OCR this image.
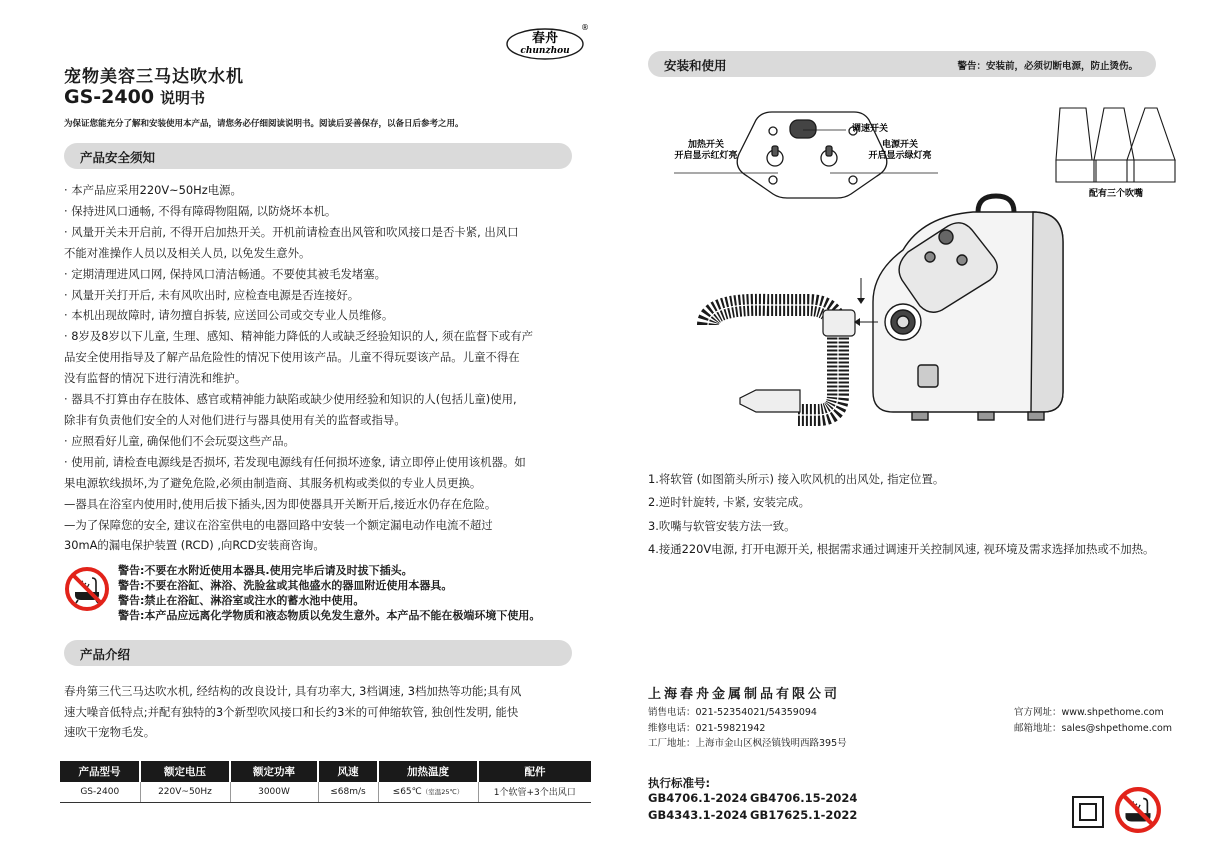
春舟
chunzhou
®
宠物美容三马达吹水机
GS-2400 说明书
为保证您能充分了解和安装使用本产品，请您务必仔细阅读说明书。阅读后妥善保存，以备日后参考之用。
产品安全须知
· 本产品应采用220V~50Hz电源。
· 保持进风口通畅, 不得有障碍物阻隔, 以防烧坏本机。
· 风量开关未开启前, 不得开启加热开关。开机前请检查出风管和吹风接口是否卡紧, 出风口
不能对准操作人员以及相关人员, 以免发生意外。
· 定期清理进风口网, 保持风口清洁畅通。不要使其被毛发堵塞。
· 风量开关打开后, 未有风吹出时, 应检查电源是否连接好。
· 本机出现故障时, 请勿擅自拆装, 应送回公司或交专业人员维修。
· 8岁及8岁以下儿童, 生理、感知、精神能力降低的人或缺乏经验知识的人, 须在监督下或有产
品安全使用指导及了解产品危险性的情况下使用该产品。儿童不得玩耍该产品。儿童不得在
没有监督的情况下进行清洗和维护。
· 器具不打算由存在肢体、感官或精神能力缺陷或缺少使用经验和知识的人(包括儿童)使用,
除非有负责他们安全的人对他们进行与器具使用有关的监督或指导。
· 应照看好儿童, 确保他们不会玩耍这些产品。
· 使用前, 请检查电源线是否损坏, 若发现电源线有任何损坏迹象, 请立即停止使用该机器。如
果电源软线损坏,为了避免危险,必须由制造商、其服务机构或类似的专业人员更换。
—器具在浴室内使用时,使用后拔下插头,因为即使器具开关断开后,接近水仍存在危险。
—为了保障您的安全, 建议在浴室供电的电器回路中安装一个额定漏电动作电流不超过
30mA的漏电保护装置 (RCD) ,向RCD安装商咨询。
警告:不要在水附近使用本器具.使用完毕后请及时拔下插头。
警告:不要在浴缸、淋浴、洗脸盆或其他盛水的器皿附近使用本器具。
警告:禁止在浴缸、淋浴室或注水的蓄水池中使用。
警告:本产品应远离化学物质和液态物质以免发生意外。本产品不能在极端环境下使用。
产品介绍
春舟第三代三马达吹水机, 经结构的改良设计, 具有功率大, 3档调速, 3档加热等功能;具有风
速大噪音低特点;并配有独特的3个新型吹风接口和长约3米的可伸缩软管, 独创性发明, 能快
速吹干宠物毛发。
产品型号	额定电压	额定功率	风速	加热温度	配件
GS-2400	220V~50Hz	3000W	≤68m/s	≤65℃（室温25℃）	1个软管+3个出风口
安装和使用	警告：安装前，必须切断电源，防止烫伤。
加热开关
开启显示红灯亮
调速开关
电源开关
开启显示绿灯亮
配有三个吹嘴
1.将软管 (如图箭头所示) 接入吹风机的出风处, 指定位置。
2.逆时针旋转, 卡紧, 安装完成。
3.吹嘴与软管安装方法一致。
4.接通220V电源, 打开电源开关, 根据需求通过调速开关控制风速, 视环境及需求选择加热或不加热。
上海春舟金属制品有限公司
销售电话：021-52354021/54359094
维修电话：021-59821942
工厂地址：上海市金山区枫泾镇钱明西路395号
官方网址：www.shpethome.com
邮箱地址：sales@shpethome.com
执行标准号:
GB4706.1-2024 GB4706.15-2024
GB4343.1-2024 GB17625.1-2022
